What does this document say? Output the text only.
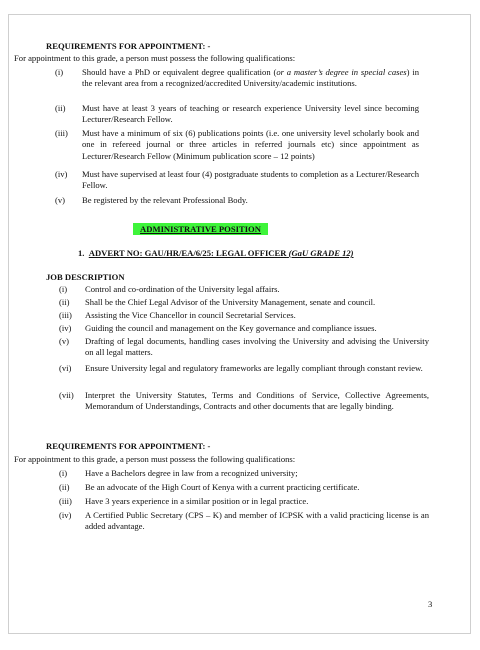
REQUIREMENTS FOR APPOINTMENT: -
For appointment to this grade, a person must possess the following qualifications:
(i) Should have a PhD or equivalent degree qualification (or a master’s degree in special cases) in the relevant area from a recognized/accredited University/academic institutions.
(ii) Must have at least 3 years of teaching or research experience University level since becoming Lecturer/Research Fellow.
(iii) Must have a minimum of six (6) publications points (i.e. one university level scholarly book and one in refereed journal or three articles in referred journals etc) since appointment as Lecturer/Research Fellow (Minimum publication score – 12 points)
(iv) Must have supervised at least four (4) postgraduate students to completion as a Lecturer/Research Fellow.
(v) Be registered by the relevant Professional Body.
ADMINISTRATIVE POSITION
1. ADVERT NO: GAU/HR/EA/6/25: LEGAL OFFICER (GaU GRADE 12)
JOB DESCRIPTION
(i) Control and co-ordination of the University legal affairs.
(ii) Shall be the Chief Legal Advisor of the University Management, senate and council.
(iii) Assisting the Vice Chancellor in council Secretarial Services.
(iv) Guiding the council and management on the Key governance and compliance issues.
(v) Drafting of legal documents, handling cases involving the University and advising the University on all legal matters.
(vi) Ensure University legal and regulatory frameworks are legally compliant through constant review.
(vii) Interpret the University Statutes, Terms and Conditions of Service, Collective Agreements, Memorandum of Understandings, Contracts and other documents that are legally binding.
REQUIREMENTS FOR APPOINTMENT: -
For appointment to this grade, a person must possess the following qualifications:
(i) Have a Bachelors degree in law from a recognized university;
(ii) Be an advocate of the High Court of Kenya with a current practicing certificate.
(iii) Have 3 years experience in a similar position or in legal practice.
(iv) A Certified Public Secretary (CPS – K) and member of ICPSK with a valid practicing license is an added advantage.
3
